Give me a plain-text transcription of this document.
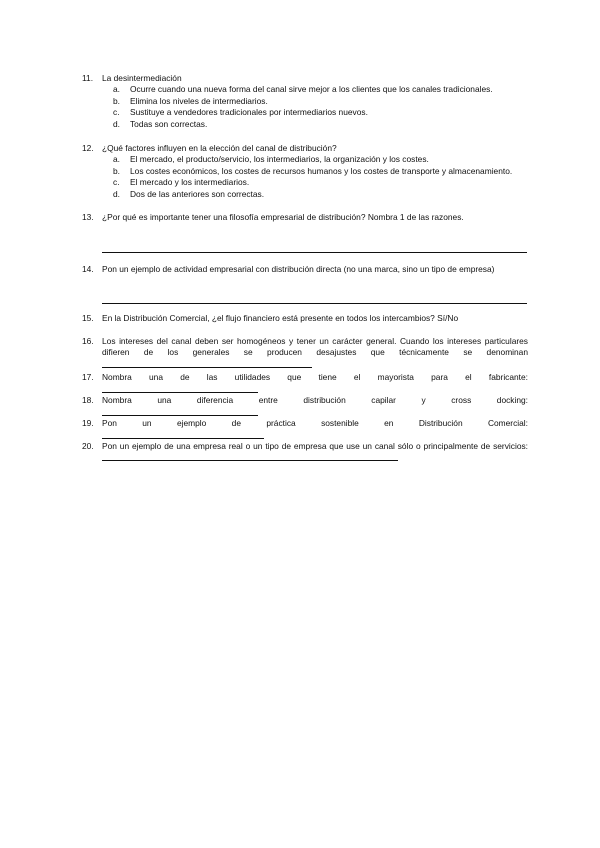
11. La desintermediación
a. Ocurre cuando una nueva forma del canal sirve mejor a los clientes que los canales tradicionales.
b. Elimina los niveles de intermediarios.
c. Sustituye a vendedores tradicionales por intermediarios nuevos.
d. Todas son correctas.
12. ¿Qué factores influyen en la elección del canal de distribución?
a. El mercado, el producto/servicio, los intermediarios, la organización y los costes.
b. Los costes económicos, los costes de recursos humanos y los costes de transporte y almacenamiento.
c. El mercado y los intermediarios.
d. Dos de las anteriores son correctas.
13. ¿Por qué es importante tener una filosofía empresarial de distribución? Nombra 1 de las razones.
14. Pon un ejemplo de actividad empresarial con distribución directa (no una marca, sino un tipo de empresa)
15. En la Distribución Comercial, ¿el flujo financiero está presente en todos los intercambios? Sí/No
16. Los intereses del canal deben ser homogéneos y tener un carácter general. Cuando los intereses particulares difieren de los generales se producen desajustes que técnicamente se denominan
17. Nombra una de las utilidades que tiene el mayorista para el fabricante:
18. Nombra una diferencia entre distribución capilar y cross docking:
19. Pon un ejemplo de práctica sostenible en Distribución Comercial:
20. Pon un ejemplo de una empresa real o un tipo de empresa que use un canal sólo o principalmente de servicios:
